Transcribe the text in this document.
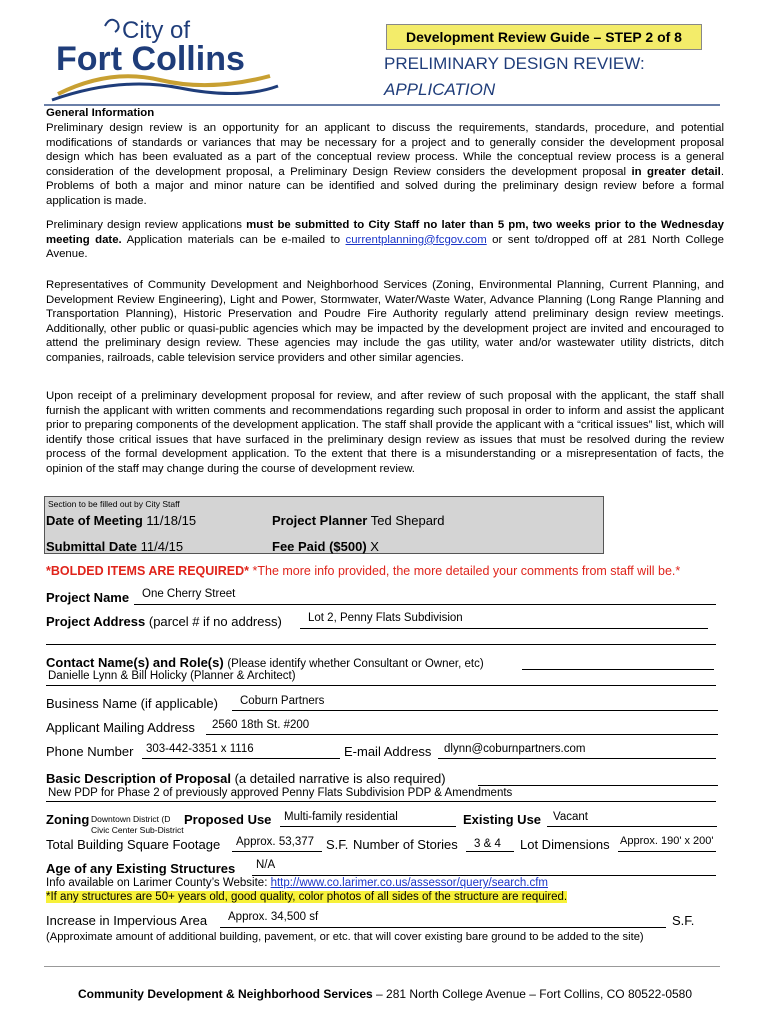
City of
Fort Collins
Development Review Guide – STEP 2 of 8
PRELIMINARY DESIGN REVIEW:
APPLICATION
General Information
Preliminary design review is an opportunity for an applicant to discuss the requirements, standards, procedure, and potential modifications of standards or variances that may be necessary for a project and to generally consider the development proposal design which has been evaluated as a part of the conceptual review process. While the conceptual review process is a general consideration of the development proposal, a Preliminary Design Review considers the development proposal in greater detail. Problems of both a major and minor nature can be identified and solved during the preliminary design review before a formal application is made.
Preliminary design review applications must be submitted to City Staff no later than 5 pm, two weeks prior to the Wednesday meeting date. Application materials can be e-mailed to currentplanning@fcgov.com or sent to/dropped off at 281 North College Avenue.
Representatives of Community Development and Neighborhood Services (Zoning, Environmental Planning, Current Planning, and Development Review Engineering), Light and Power, Stormwater, Water/Waste Water, Advance Planning (Long Range Planning and Transportation Planning), Historic Preservation and Poudre Fire Authority regularly attend preliminary design review meetings. Additionally, other public or quasi-public agencies which may be impacted by the development project are invited and encouraged to attend the preliminary design review. These agencies may include the gas utility, water and/or wastewater utility districts, ditch companies, railroads, cable television service providers and other similar agencies.
Upon receipt of a preliminary development proposal for review, and after review of such proposal with the applicant, the staff shall furnish the applicant with written comments and recommendations regarding such proposal in order to inform and assist the applicant prior to preparing components of the development application. The staff shall provide the applicant with a “critical issues” list, which will identify those critical issues that have surfaced in the preliminary design review as issues that must be resolved during the review process of the formal development application. To the extent that there is a misunderstanding or a misrepresentation of facts, the opinion of the staff may change during the course of development review.
Section to be filled out by City Staff
Date of Meeting 11/18/15	Project Planner Ted Shepard
Submittal Date 11/4/15	Fee Paid ($500) X
*BOLDED ITEMS ARE REQUIRED* *The more info provided, the more detailed your comments from staff will be.*
Project Name One Cherry Street
Project Address (parcel # if no address) Lot 2, Penny Flats Subdivision
Contact Name(s) and Role(s) (Please identify whether Consultant or Owner, etc)
Danielle Lynn & Bill Holicky (Planner & Architect)
Business Name (if applicable) Coburn Partners
Applicant Mailing Address 2560 18th St. #200
Phone Number 303-442-3351 x 1116	E-mail Address dlynn@coburnpartners.com
Basic Description of Proposal (a detailed narrative is also required)
New PDP for Phase 2 of previously approved Penny Flats Subdivision PDP & Amendments
Zoning Downtown District (D
Civic Center Sub-District
Proposed Use Multi-family residential	Existing Use Vacant
Total Building Square Footage Approx. 53,377 S.F. Number of Stories 3 & 4 Lot Dimensions Approx. 190' x 200'
Age of any Existing Structures N/A
Info available on Larimer County’s Website: http://www.co.larimer.co.us/assessor/query/search.cfm
*If any structures are 50+ years old, good quality, color photos of all sides of the structure are required.
Increase in Impervious Area Approx. 34,500 sf	S.F.
(Approximate amount of additional building, pavement, or etc. that will cover existing bare ground to be added to the site)
Community Development & Neighborhood Services – 281 North College Avenue – Fort Collins, CO 80522-0580
